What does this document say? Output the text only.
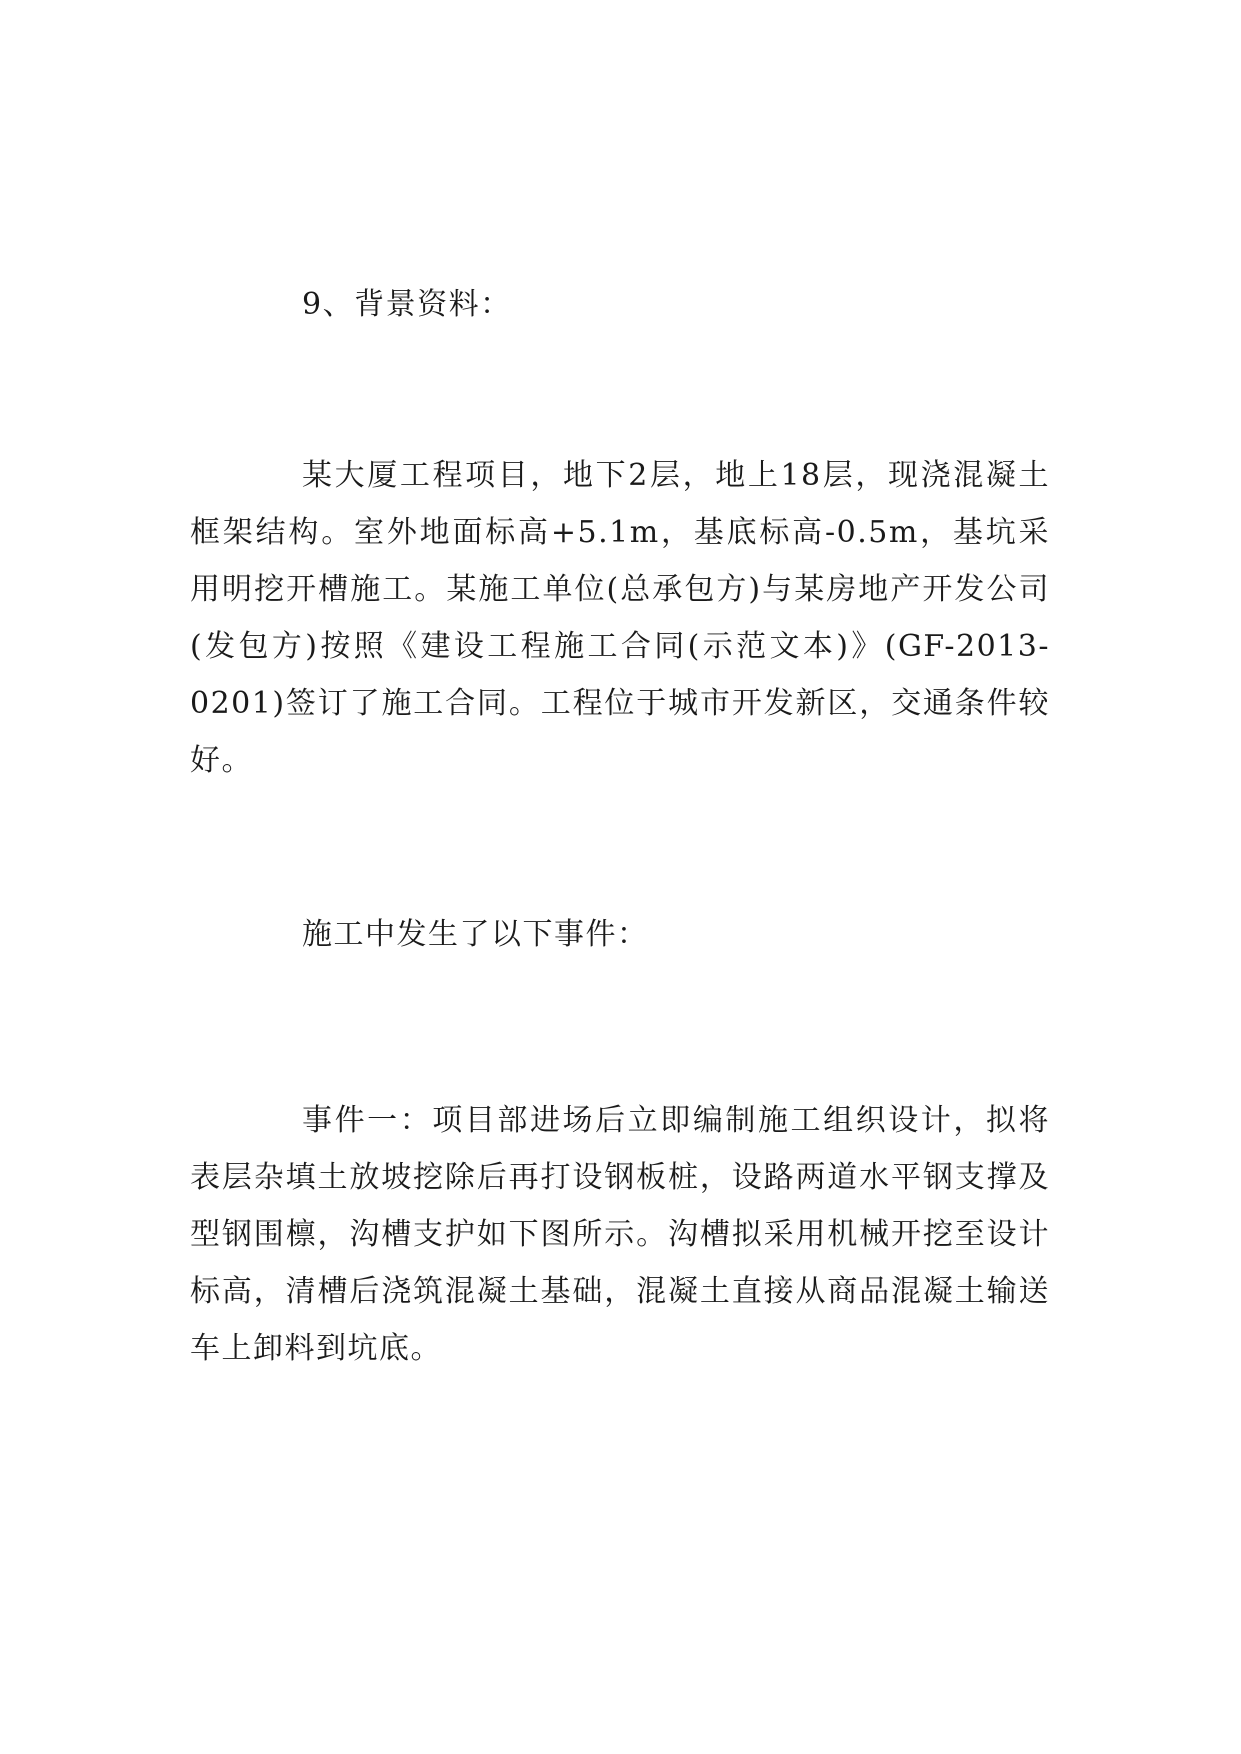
9、背景资料：

某大厦工程项目，地下2层，地上18层，现浇混凝土框架结构。室外地面标高+5.1m，基底标高-0.5m，基坑采用明挖开槽施工。某施工单位(总承包方)与某房地产开发公司(发包方)按照《建设工程施工合同(示范文本)》(GF-2013-0201)签订了施工合同。工程位于城市开发新区，交通条件较好。

施工中发生了以下事件：

事件一：项目部进场后立即编制施工组织设计，拟将表层杂填土放坡挖除后再打设钢板桩，设路两道水平钢支撑及型钢围檩，沟槽支护如下图所示。沟槽拟采用机械开挖至设计标高，清槽后浇筑混凝土基础，混凝土直接从商品混凝土输送车上卸料到坑底。
